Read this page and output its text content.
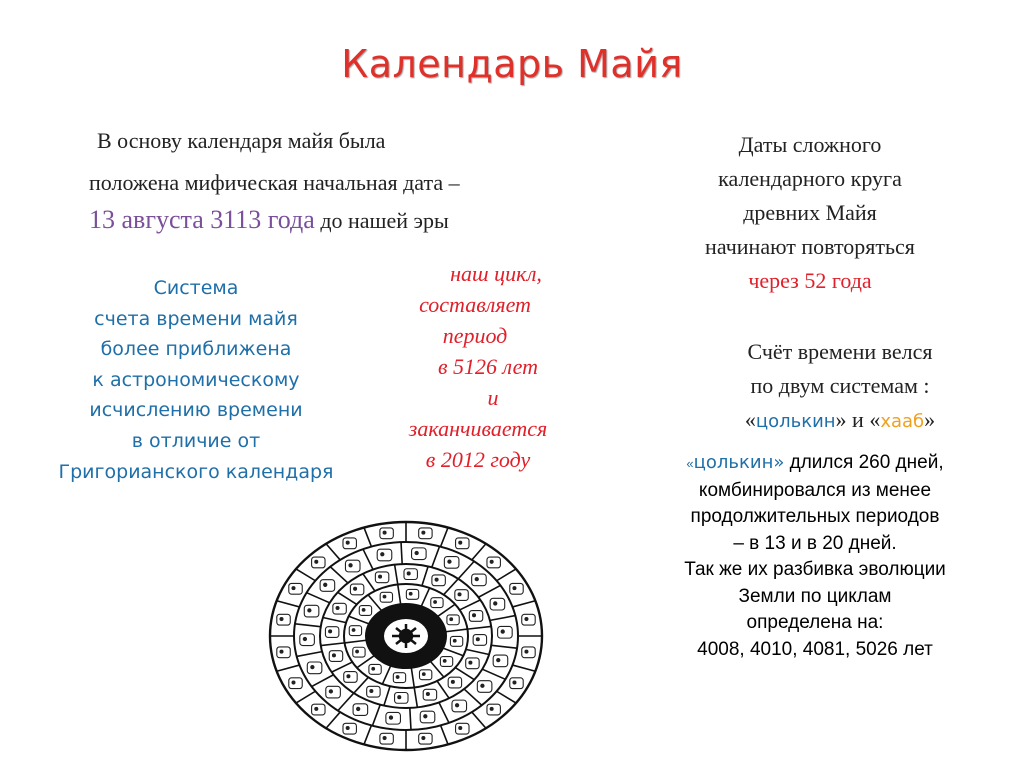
Календарь Майя
В основу календаря майя была
положена мифическая начальная дата –
13 августа 3113 года до нашей эры
Система
счета времени майя
более приближена
к астрономическому
исчислению времени
в отличие от
Григорианского календаря
наш цикл,
составляет
период
в 5126 лет
и
заканчивается
в 2012 году
Даты сложного
календарного круга
древних Майя
начинают повторяться
через 52 года
Счёт времени велся
по двум системам :
«цолькин» и «хааб»
«цолькин» длился 260 дней,
комбинировался из менее
продолжительных периодов
– в 13 и в 20 дней.
Так же их разбивка эволюции
Земли по циклам
определена на:
4008, 4010, 4081, 5026 лет
